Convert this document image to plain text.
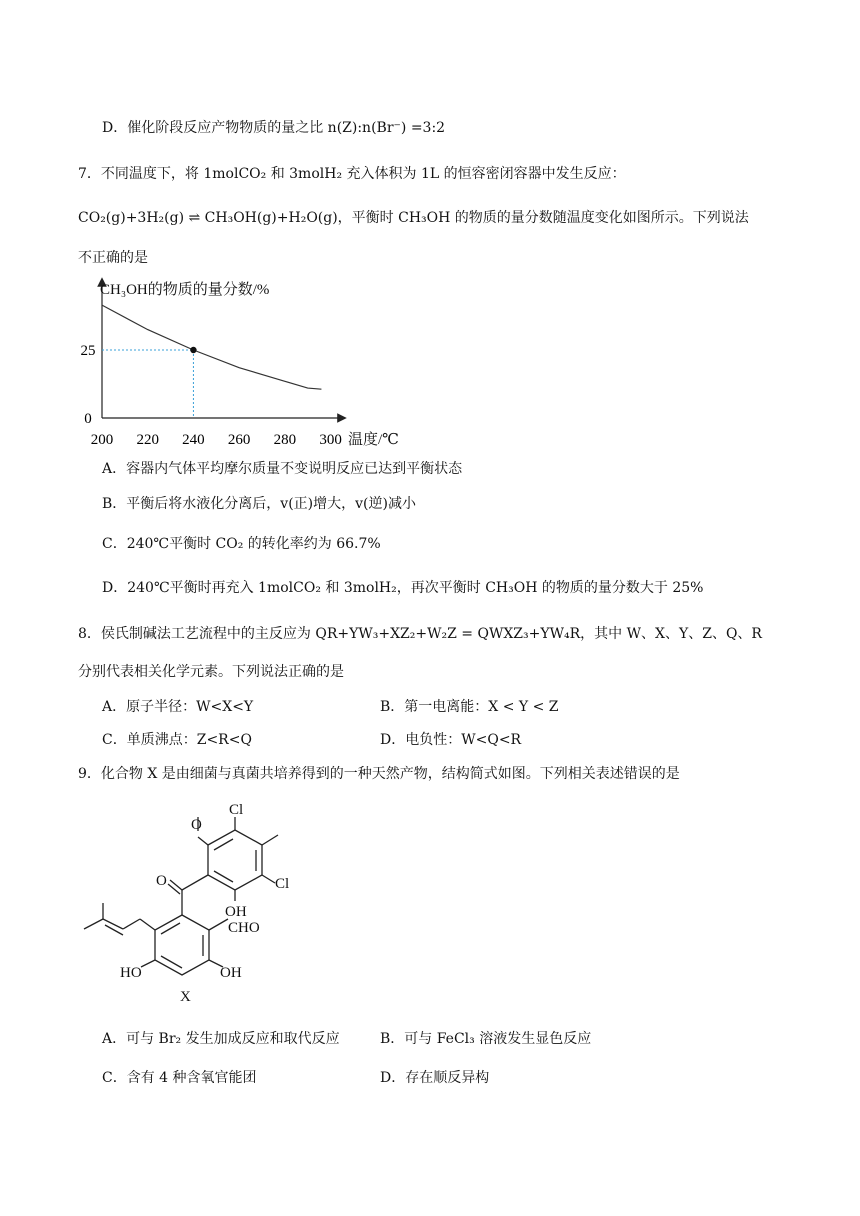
D．催化阶段反应产物物质的量之比 n(Z):n(Br⁻) =3:2
7．不同温度下，将 1molCO₂ 和 3molH₂ 充入体积为 1L 的恒容密闭容器中发生反应：
CO₂(g)+3H₂(g) ⇌ CH₃OH(g)+H₂O(g)，平衡时 CH₃OH 的物质的量分数随温度变化如图所示。下列说法
不正确的是
CH₃OH的物质的量分数/%
温度/℃
200 220 240 260 280 300
0
25
A．容器内气体平均摩尔质量不变说明反应已达到平衡状态
B．平衡后将水液化分离后，v(正)增大，v(逆)减小
C．240℃平衡时 CO₂ 的转化率约为 66.7%
D．240℃平衡时再充入 1molCO₂ 和 3molH₂，再次平衡时 CH₃OH 的物质的量分数大于 25%
8．侯氏制碱法工艺流程中的主反应为 QR+YW₃+XZ₂+W₂Z = QWXZ₃+YW₄R，其中 W、X、Y、Z、Q、R
分别代表相关化学元素。下列说法正确的是
A．原子半径：W<X<Y	B．第一电离能：X < Y < Z
C．单质沸点：Z<R<Q	D．电负性：W<Q<R
9．化合物 X 是由细菌与真菌共培养得到的一种天然产物，结构简式如图。下列相关表述错误的是
Cl
Cl
O
O
OH
CHO
HO	OH
X
A．可与 Br₂ 发生加成反应和取代反应	B．可与 FeCl₃ 溶液发生显色反应
C．含有 4 种含氧官能团	D．存在顺反异构
